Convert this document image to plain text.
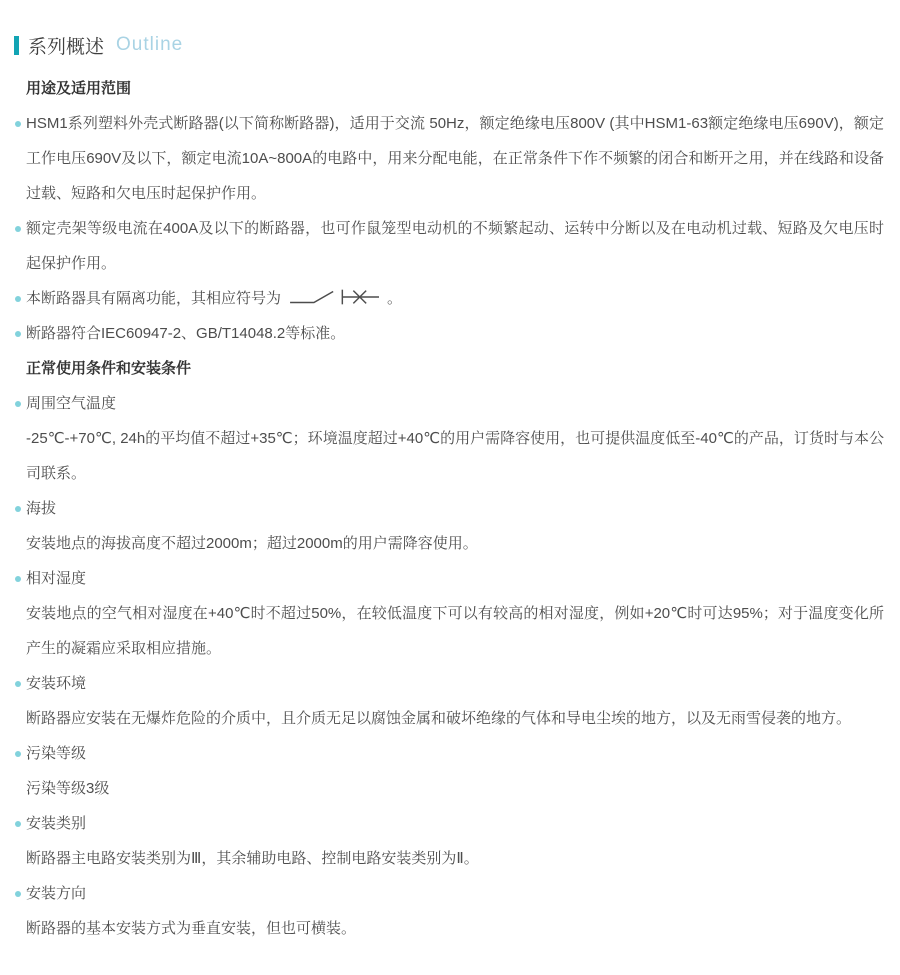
系列概述 Outline
用途及适用范围

HSM1系列塑料外壳式断路器(以下简称断路器)，适用于交流 50Hz，额定绝缘电压800V (其中HSM1-63额定绝缘电压690V)，额定工作电压690V及以下，额定电流10A~800A的电路中，用来分配电能，在正常条件下作不频繁的闭合和断开之用，并在线路和设备过载、短路和欠电压时起保护作用。

额定壳架等级电流在400A及以下的断路器，也可作鼠笼型电动机的不频繁起动、运转中分断以及在电动机过载、短路及欠电压时起保护作用。

本断路器具有隔离功能，其相应符号为	。

断路器符合IEC60947-2、GB/T14048.2等标准。

正常使用条件和安装条件

周围空气温度

-25℃-+70℃, 24h的平均值不超过+35℃；环境温度超过+40℃的用户需降容使用，也可提供温度低至-40℃的产品，订货时与本公司联系。

海拔

安装地点的海拔高度不超过2000m；超过2000m的用户需降容使用。

相对湿度

安装地点的空气相对湿度在+40℃时不超过50%，在较低温度下可以有较高的相对湿度，例如+20℃时可达95%；对于温度变化所产生的凝霜应采取相应措施。

安装环境

断路器应安装在无爆炸危险的介质中，且介质无足以腐蚀金属和破坏绝缘的气体和导电尘埃的地方，以及无雨雪侵袭的地方。

污染等级

污染等级3级

安装类别

断路器主电路安装类别为Ⅲ，其余辅助电路、控制电路安装类别为Ⅱ。

安装方向

断路器的基本安装方式为垂直安装，但也可横装。
